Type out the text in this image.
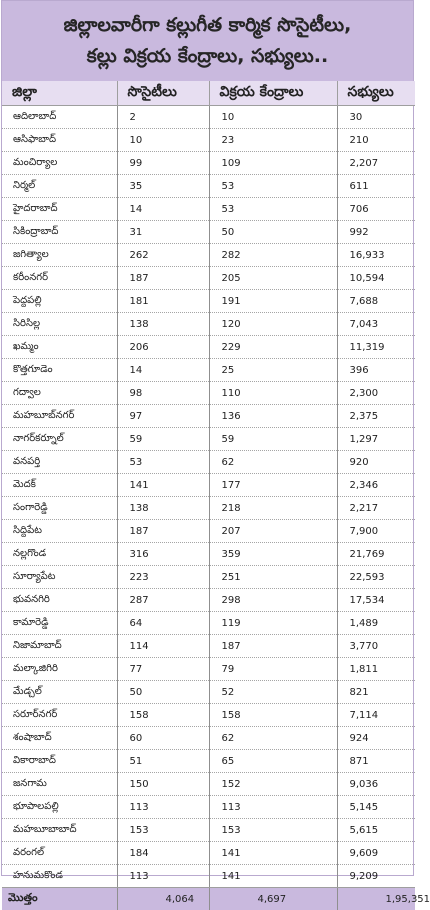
జిల్లాలవారీగా కల్లుగీత కార్మిక సొసైటీలు,
కల్లు విక్రయ కేంద్రాలు, సభ్యులు..
జిల్లా	సొసైటీలు	విక్రయ కేంద్రాలు	సభ్యులు
ఆదిలాబాద్	2	10	30
ఆసిఫాబాద్	10	23	210
మంచిర్యాల	99	109	2,207
నిర్మల్	35	53	611
హైదరాబాద్	14	53	706
సికింద్రాబాద్	31	50	992
జగిత్యాల	262	282	16,933
కరీంనగర్	187	205	10,594
పెద్దపల్లి	181	191	7,688
సిరిసిల్ల	138	120	7,043
ఖమ్మం	206	229	11,319
కొత్తగూడెం	14	25	396
గద్వాల	98	110	2,300
మహబూబ్‌నగర్	97	136	2,375
నాగర్‌కర్నూల్	59	59	1,297
వనపర్తి	53	62	920
మెదక్	141	177	2,346
సంగారెడ్డి	138	218	2,217
సిద్దిపేట	187	207	7,900
నల్లగొండ	316	359	21,769
సూర్యాపేట	223	251	22,593
భువనగిరి	287	298	17,534
కామారెడ్డి	64	119	1,489
నిజామాబాద్	114	187	3,770
మల్కాజిగిరి	77	79	1,811
మేడ్చల్	50	52	821
సరూర్‌నగర్	158	158	7,114
శంషాబాద్	60	62	924
వికారాబాద్	51	65	871
జనగామ	150	152	9,036
భూపాలపల్లి	113	113	5,145
మహబూబాబాద్	153	153	5,615
వరంగల్	184	141	9,609
హనుమకొండ	113	141	9,209
మొత్తం	4,064	4,697	1,95,351
